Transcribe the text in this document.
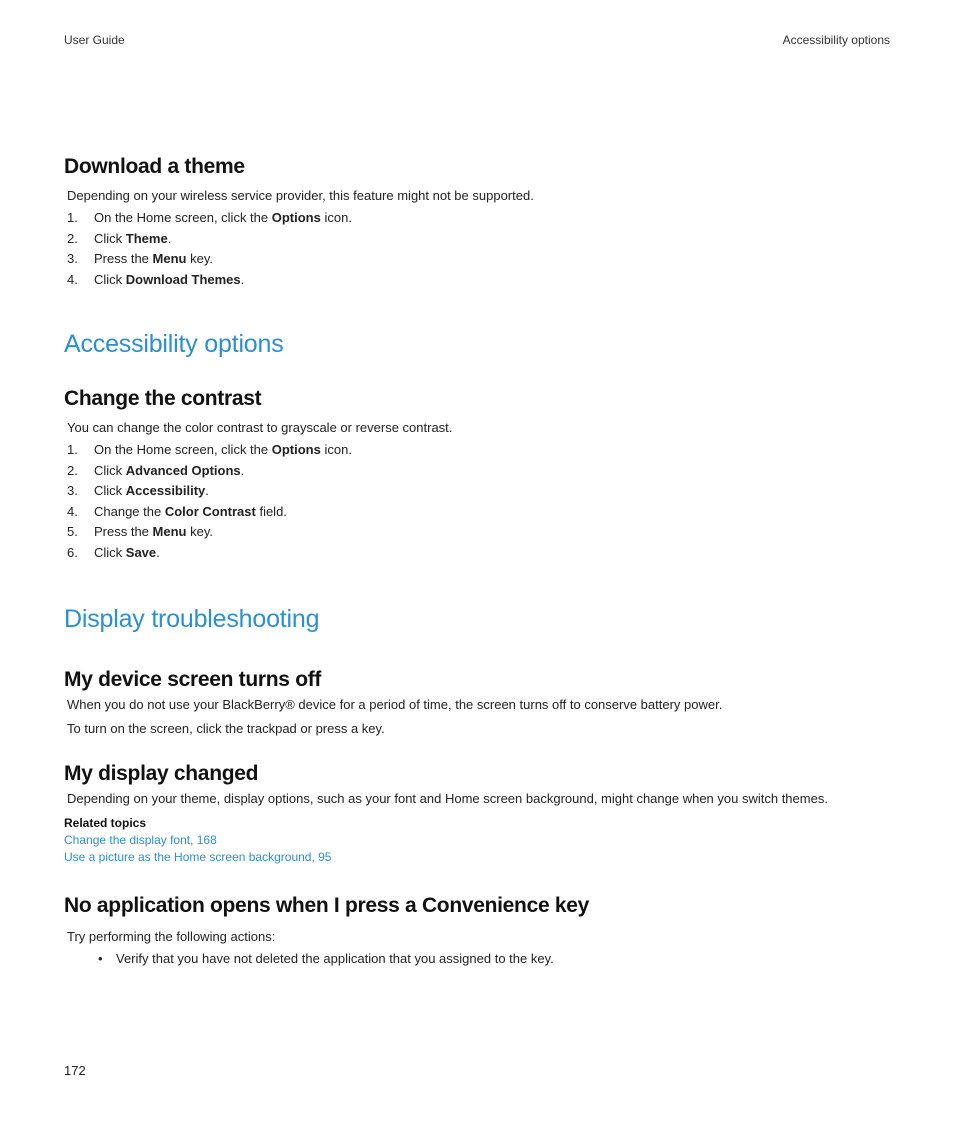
User Guide	Accessibility options
Download a theme

Depending on your wireless service provider, this feature might not be supported.

1. On the Home screen, click the Options icon.
2. Click Theme.
3. Press the Menu key.
4. Click Download Themes.
Accessibility options
Change the contrast

You can change the color contrast to grayscale or reverse contrast.

1. On the Home screen, click the Options icon.
2. Click Advanced Options.
3. Click Accessibility.
4. Change the Color Contrast field.
5. Press the Menu key.
6. Click Save.
Display troubleshooting
My device screen turns off

When you do not use your BlackBerry® device for a period of time, the screen turns off to conserve battery power.

To turn on the screen, click the trackpad or press a key.

My display changed

Depending on your theme, display options, such as your font and Home screen background, might change when you switch themes.

Related topics

Change the display font, 168
Use a picture as the Home screen background, 95
No application opens when I press a Convenience key

Try performing the following actions:

• Verify that you have not deleted the application that you assigned to the key.
172
